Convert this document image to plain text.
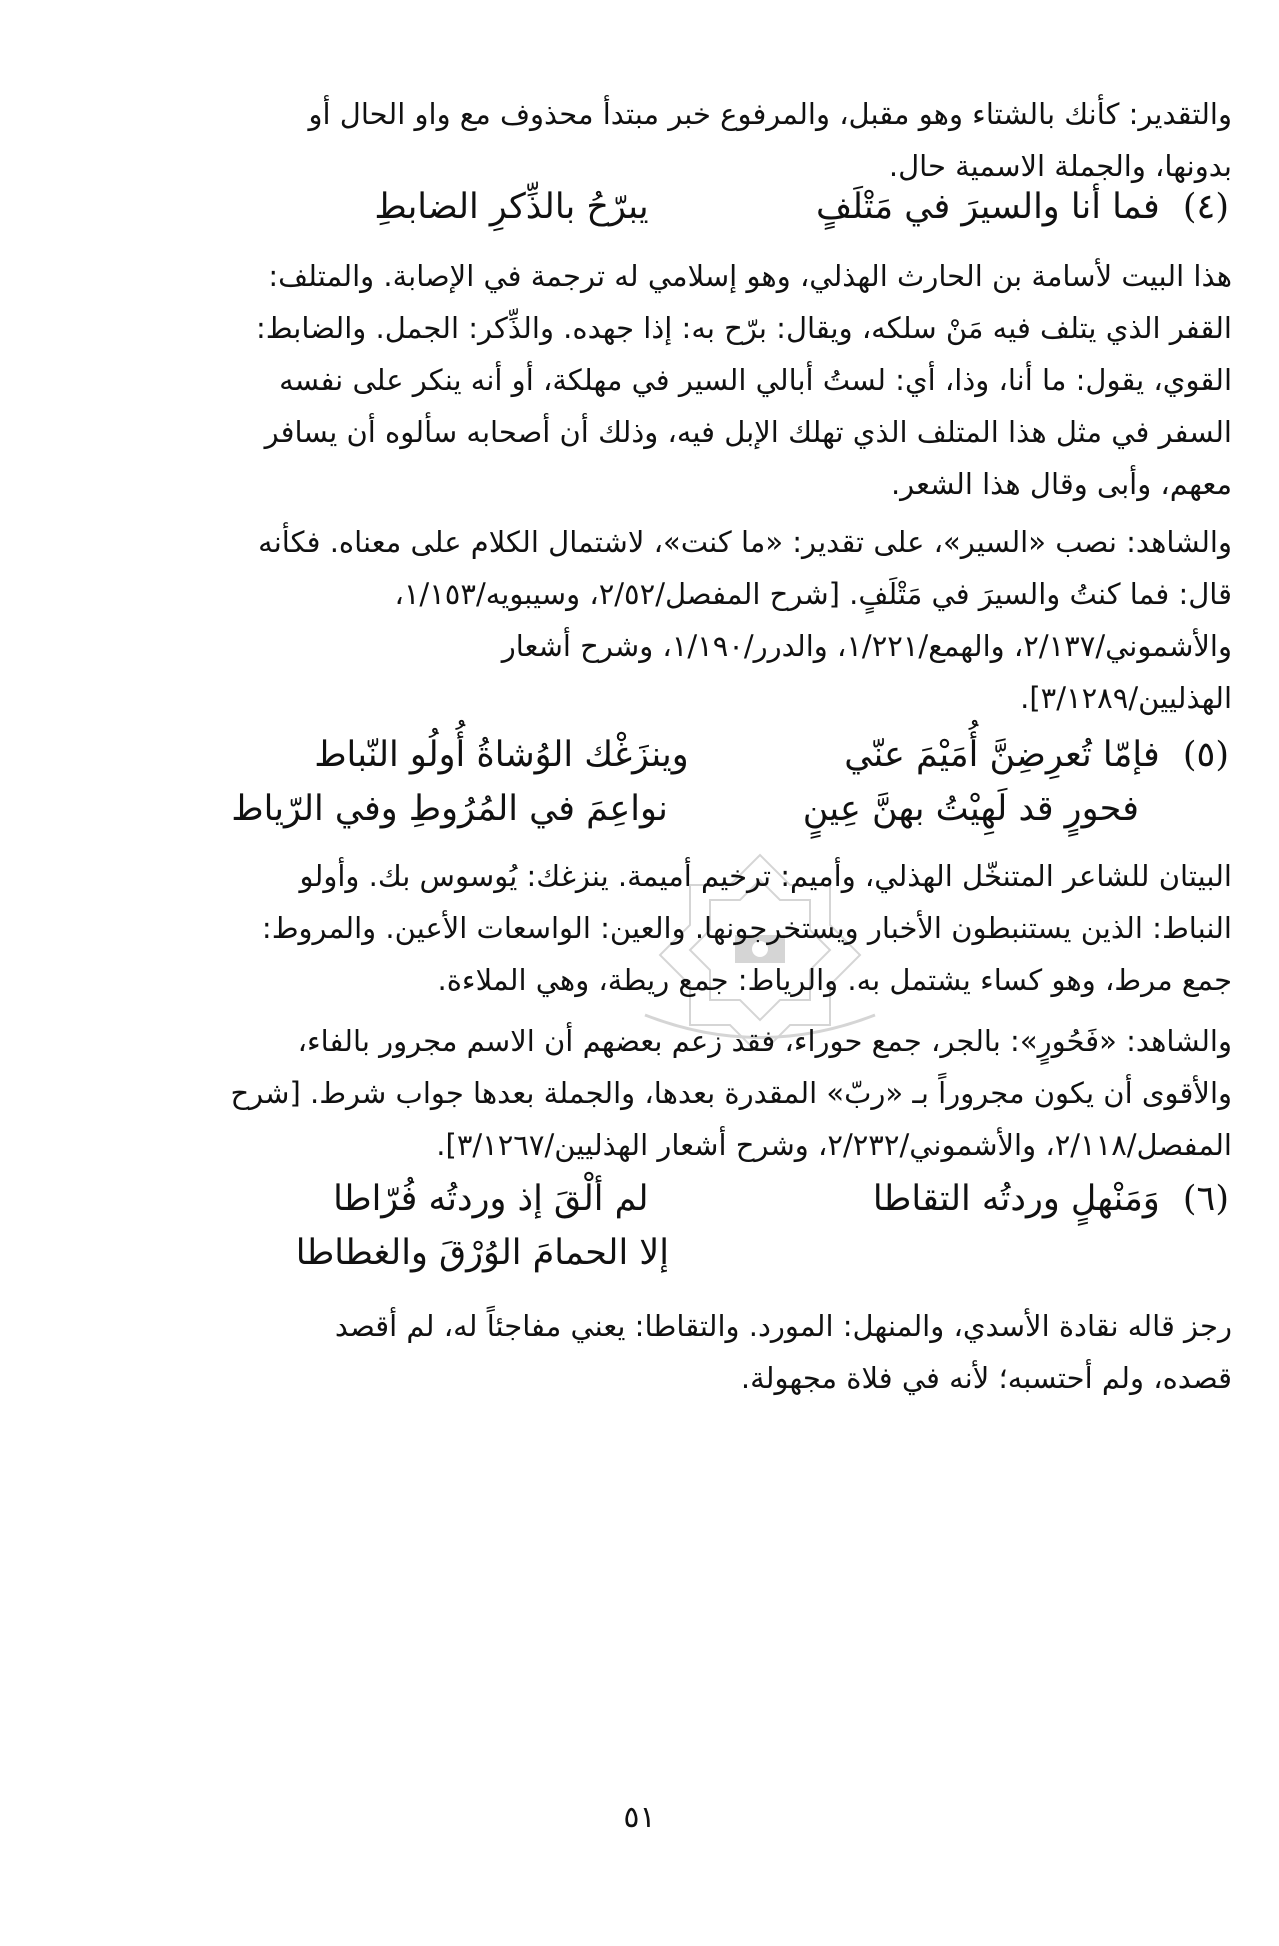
والتقدير: كأنك بالشتاء وهو مقبل، والمرفوع خبر مبتدأ محذوف مع واو الحال أو
بدونها، والجملة الاسمية حال.

(٤) فما أنا والسيرَ في مَتْلَفٍ يبرّحُ بالذِّكرِ الضابطِ

هذا البيت لأسامة بن الحارث الهذلي، وهو إسلامي له ترجمة في الإصابة. والمتلف:
القفر الذي يتلف فيه مَنْ سلكه، ويقال: برّح به: إذا جهده. والذِّكر: الجمل. والضابط:
القوي، يقول: ما أنا، وذا، أي: لستُ أبالي السير في مهلكة، أو أنه ينكر على نفسه
السفر في مثل هذا المتلف الذي تهلك الإبل فيه، وذلك أن أصحابه سألوه أن يسافر
معهم، وأبى وقال هذا الشعر.

والشاهد: نصب «السير»، على تقدير: «ما كنت»، لاشتمال الكلام على معناه. فكأنه
قال: فما كنتُ والسيرَ في مَتْلَفٍ. [شرح المفصل/٢/٥٢، وسيبويه/١/١٥٣،
والأشموني/٢/١٣٧، والهمع/١/٢٢١، والدرر/١/١٩٠، وشرح أشعار
الهذليين/٣/١٢٨٩].

(٥) فإمّا تُعرِضِنَّ أُمَيْمَ عنّي وينزَغْك الوُشاةُ أُولُو النّباط
فحورٍ قد لَهِيْتُ بهنَّ عِينٍ نواعِمَ في المُرُوطِ وفي الرّياط

البيتان للشاعر المتنخّل الهذلي، وأميم: ترخيم أميمة. ينزغك: يُوسوس بك. وأولو
النباط: الذين يستنبطون الأخبار ويستخرجونها. والعين: الواسعات الأعين. والمروط:
جمع مرط، وهو كساء يشتمل به. والرياط: جمع ريطة، وهي الملاءة.

والشاهد: «فَحُورٍ»: بالجر، جمع حوراء، فقد زعم بعضهم أن الاسم مجرور بالفاء،
والأقوى أن يكون مجروراً بـ «ربّ» المقدرة بعدها، والجملة بعدها جواب شرط. [شرح
المفصل/٢/١١٨، والأشموني/٢/٢٣٢، وشرح أشعار الهذليين/٣/١٢٦٧].

(٦) وَمَنْهلٍ وردتُه التقاطا لم ألْقَ إذ وردتُه فُرّاطا
إلا الحمامَ الوُرْقَ والغطاطا

رجز قاله نقادة الأسدي، والمنهل: المورد. والتقاطا: يعني مفاجئاً له، لم أقصد
قصده، ولم أحتسبه؛ لأنه في فلاة مجهولة.

٥١
